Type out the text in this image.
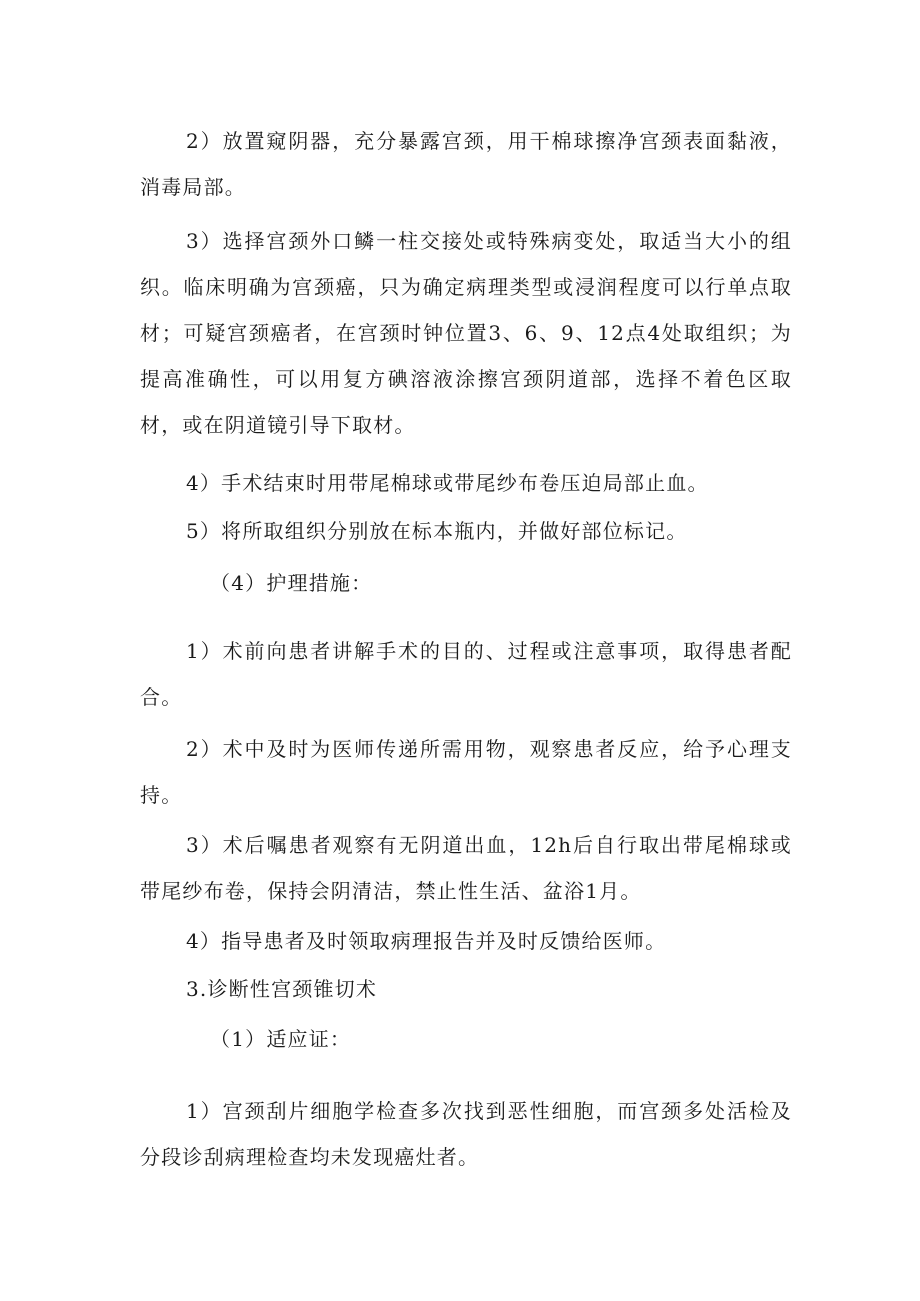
2）放置窥阴器，充分暴露宫颈，用干棉球擦净宫颈表面黏液，消毒局部。

3）选择宫颈外口鳞一柱交接处或特殊病变处，取适当大小的组织。临床明确为宫颈癌，只为确定病理类型或浸润程度可以行单点取材；可疑宫颈癌者，在宫颈时钟位置3、6、9、12点4处取组织；为提高准确性，可以用复方碘溶液涂擦宫颈阴道部，选择不着色区取材，或在阴道镜引导下取材。

4）手术结束时用带尾棉球或带尾纱布卷压迫局部止血。

5）将所取组织分别放在标本瓶内，并做好部位标记。

（4）护理措施：

1）术前向患者讲解手术的目的、过程或注意事项，取得患者配合。

2）术中及时为医师传递所需用物，观察患者反应，给予心理支持。

3）术后嘱患者观察有无阴道出血，12h后自行取出带尾棉球或带尾纱布卷，保持会阴清洁，禁止性生活、盆浴1月。

4）指导患者及时领取病理报告并及时反馈给医师。

3.诊断性宫颈锥切术

（1）适应证：

1）宫颈刮片细胞学检查多次找到恶性细胞，而宫颈多处活检及分段诊刮病理检查均未发现癌灶者。
